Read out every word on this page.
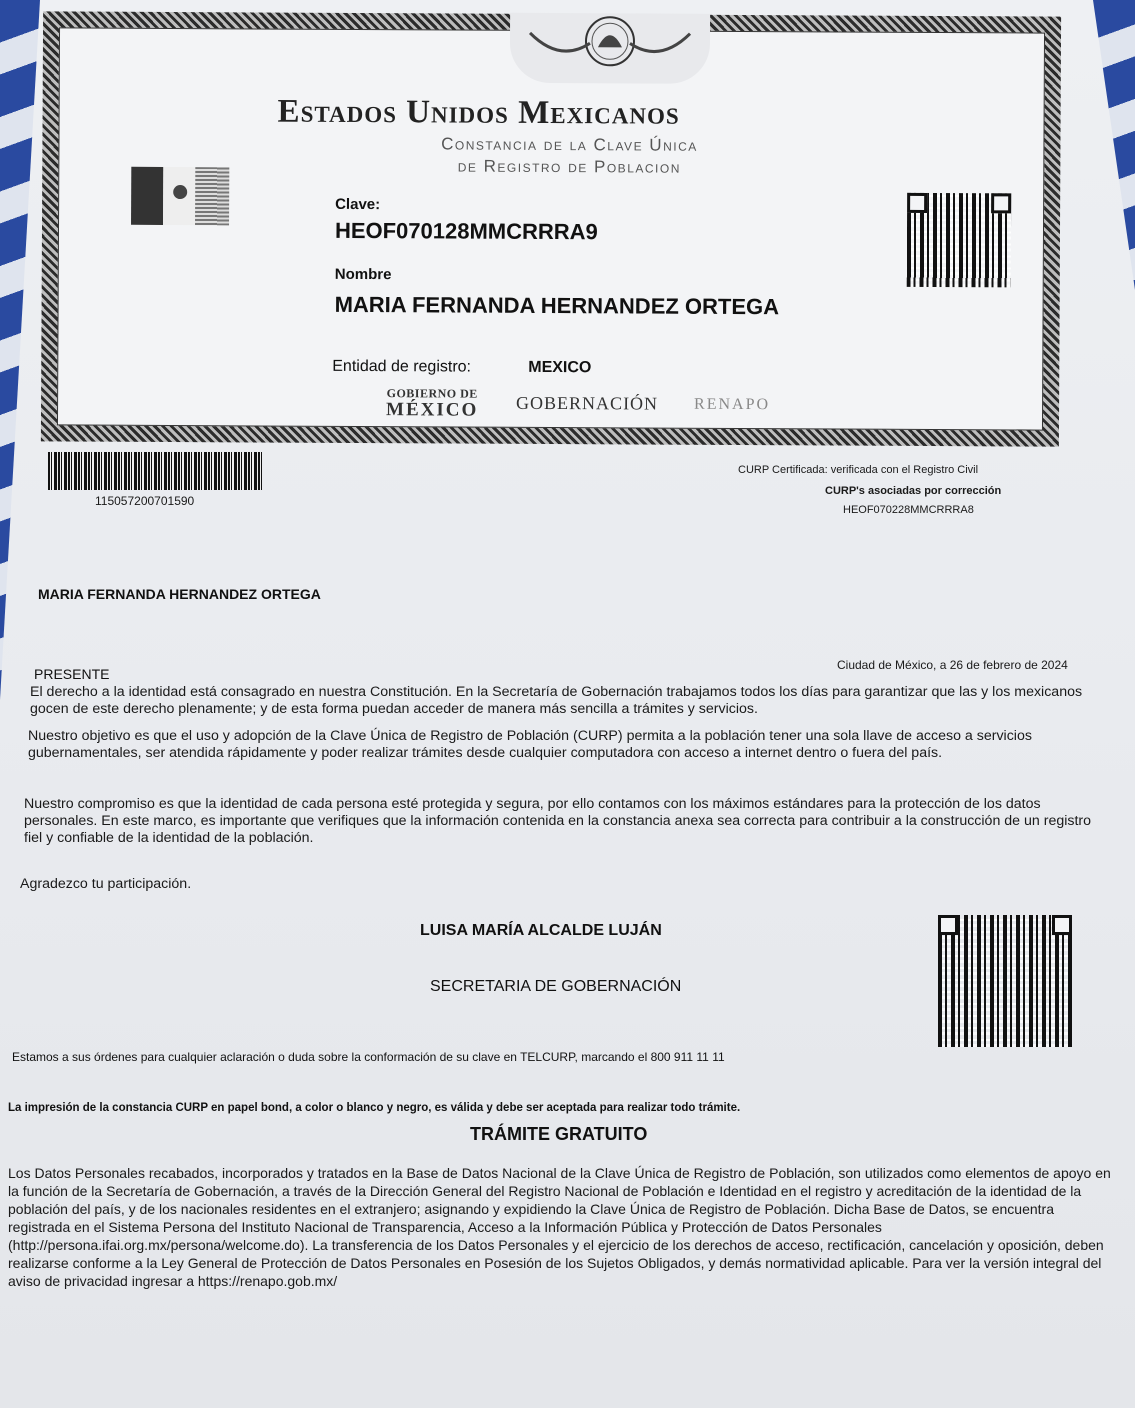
Estados Unidos Mexicanos
Constancia de la Clave Única
de Registro de Poblacion
Clave:
HEOF070128MMCRRRA9
Nombre
MARIA FERNANDA HERNANDEZ ORTEGA
Entidad de registro:	MEXICO
GOBIERNO DE
MÉXICO GOBERNACIÓN RENAPO
115057200701590
CURP Certificada: verificada con el Registro Civil
CURP's asociadas por corrección
HEOF070228MMCRRRA8
MARIA FERNANDA HERNANDEZ ORTEGA
PRESENTE
Ciudad de México, a 26 de febrero de 2024
El derecho a la identidad está consagrado en nuestra Constitución. En la Secretaría de Gobernación trabajamos todos los días para garantizar que las y los mexicanos gocen de este derecho plenamente; y de esta forma puedan acceder de manera más sencilla a trámites y servicios.
Nuestro objetivo es que el uso y adopción de la Clave Única de Registro de Población (CURP) permita a la población tener una sola llave de acceso a servicios gubernamentales, ser atendida rápidamente y poder realizar trámites desde cualquier computadora con acceso a internet dentro o fuera del país.
Nuestro compromiso es que la identidad de cada persona esté protegida y segura, por ello contamos con los máximos estándares para la protección de los datos personales. En este marco, es importante que verifiques que la información contenida en la constancia anexa sea correcta para contribuir a la construcción de un registro fiel y confiable de la identidad de la población.
Agradezco tu participación.
LUISA MARÍA ALCALDE LUJÁN
SECRETARIA DE GOBERNACIÓN
Estamos a sus órdenes para cualquier aclaración o duda sobre la conformación de su clave en TELCURP, marcando el 800 911 11 11
La impresión de la constancia CURP en papel bond, a color o blanco y negro, es válida y debe ser aceptada para realizar todo trámite.
TRÁMITE GRATUITO
Los Datos Personales recabados, incorporados y tratados en la Base de Datos Nacional de la Clave Única de Registro de Población, son utilizados como elementos de apoyo en la función de la Secretaría de Gobernación, a través de la Dirección General del Registro Nacional de Población e Identidad en el registro y acreditación de la identidad de la población del país, y de los nacionales residentes en el extranjero; asignando y expidiendo la Clave Única de Registro de Población. Dicha Base de Datos, se encuentra registrada en el Sistema Persona del Instituto Nacional de Transparencia, Acceso a la Información Pública y Protección de Datos Personales (http://persona.ifai.org.mx/persona/welcome.do). La transferencia de los Datos Personales y el ejercicio de los derechos de acceso, rectificación, cancelación y oposición, deben realizarse conforme a la Ley General de Protección de Datos Personales en Posesión de los Sujetos Obligados, y demás normatividad aplicable. Para ver la versión integral del aviso de privacidad ingresar a https://renapo.gob.mx/
